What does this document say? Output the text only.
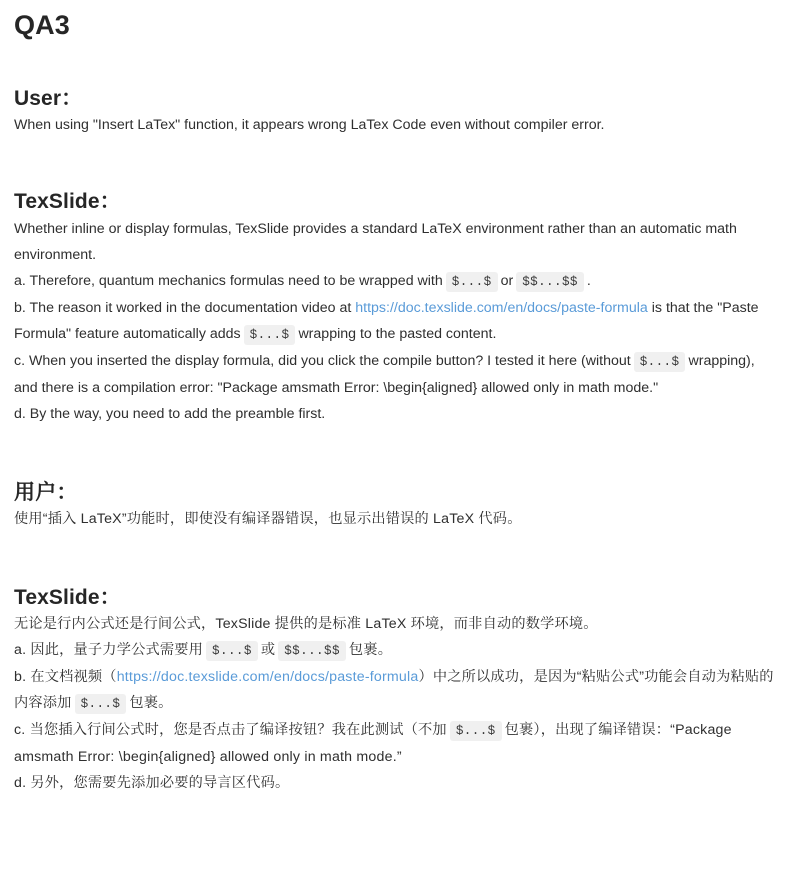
QA3
User：

When using "Insert LaTex" function, it appears wrong LaTex Code even without compiler error.

TexSlide：

Whether inline or display formulas, TexSlide provides a standard LaTeX environment rather than an automatic math environment.

a. Therefore, quantum mechanics formulas need to be wrapped with $...$ or $$...$$ .

b. The reason it worked in the documentation video at https://doc.texslide.com/en/docs/paste-formula is that the "Paste Formula" feature automatically adds $...$ wrapping to the pasted content.

c. When you inserted the display formula, did you click the compile button? I tested it here (without $...$ wrapping), and there is a compilation error: "Package amsmath Error: \begin{aligned} allowed only in math mode."

d. By the way, you need to add the preamble first.

用户：

使用“插入 LaTeX”功能时，即使没有编译器错误，也显示出错误的 LaTeX 代码。

TexSlide：

无论是行内公式还是行间公式，TexSlide 提供的是标准 LaTeX 环境，而非自动的数学环境。

a. 因此，量子力学公式需要用 $...$ 或 $$...$$ 包裹。

b. 在文档视频（https://doc.texslide.com/en/docs/paste-formula）中之所以成功，是因为“粘贴公式”功能会自动为粘贴的内容添加 $...$ 包裹。

c. 当您插入行间公式时，您是否点击了编译按钮？我在此测试（不加 $...$ 包裹），出现了编译错误：“Package amsmath Error: \begin{aligned} allowed only in math mode.”

d. 另外，您需要先添加必要的导言区代码。
